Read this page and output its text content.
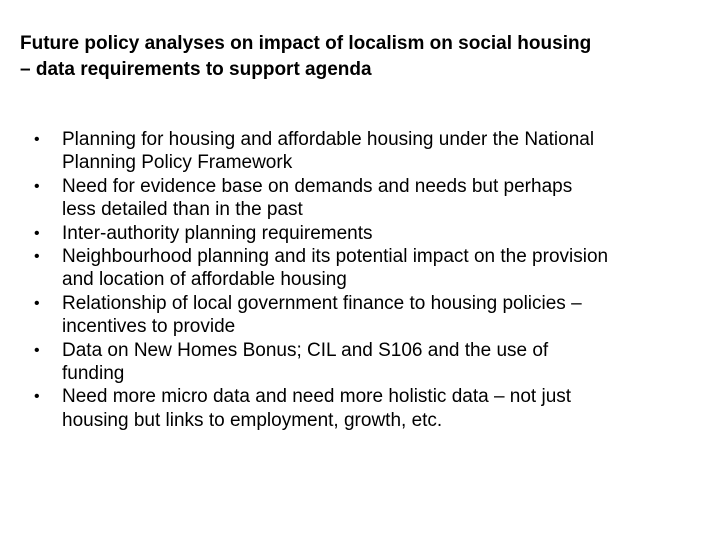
Future policy analyses on impact of localism on social housing
– data requirements to support agenda
• Planning for housing and affordable housing under the National
Planning Policy Framework
• Need for evidence base on demands and needs but perhaps
less detailed than in the past
• Inter-authority planning requirements
• Neighbourhood planning and its potential impact on the provision
and location of affordable housing
• Relationship of local government finance to housing policies –
incentives to provide
• Data on New Homes Bonus; CIL and S106 and the use of
funding
• Need more micro data and need more holistic data – not just
housing but links to employment, growth, etc.
